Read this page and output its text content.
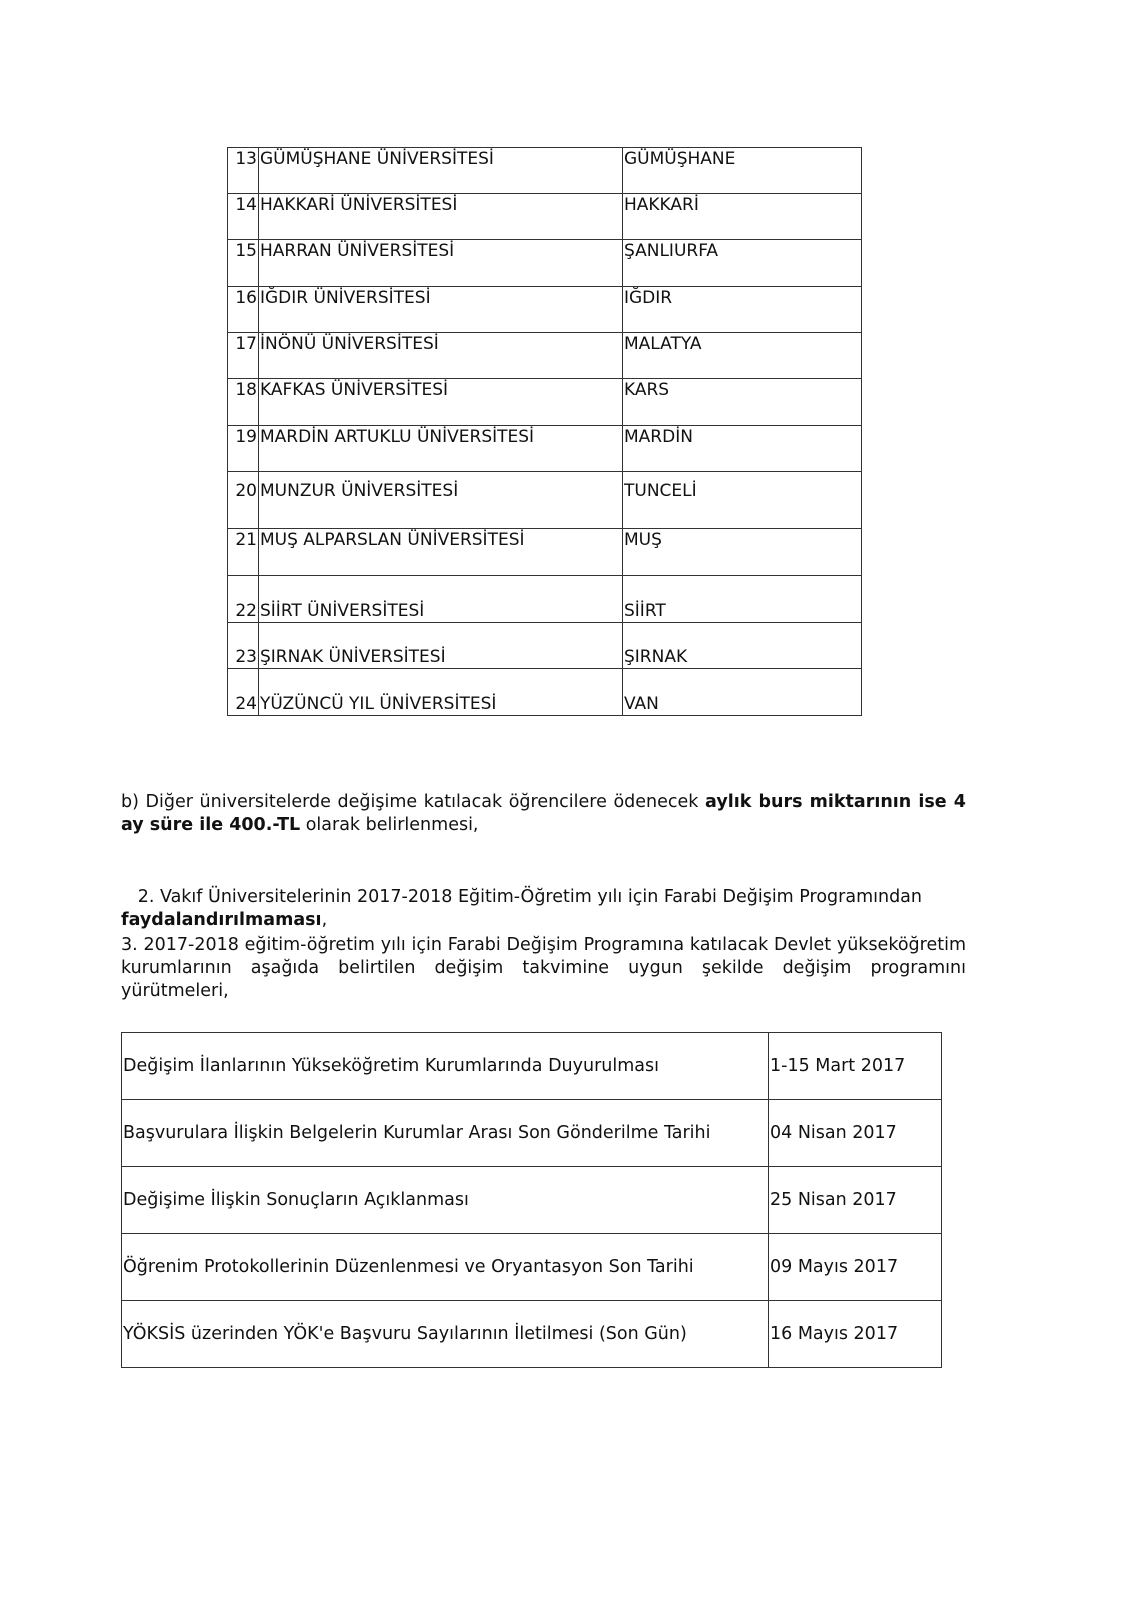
13	GÜMÜŞHANE ÜNİVERSİTESİ	GÜMÜŞHANE
14	HAKKARİ ÜNİVERSİTESİ	HAKKARİ
15	HARRAN ÜNİVERSİTESİ	ŞANLIURFA
16	IĞDIR ÜNİVERSİTESİ	IĞDIR
17	İNÖNÜ ÜNİVERSİTESİ	MALATYA
18	KAFKAS ÜNİVERSİTESİ	KARS
19	MARDİN ARTUKLU ÜNİVERSİTESİ	MARDİN
20	MUNZUR ÜNİVERSİTESİ	TUNCELİ
21	MUŞ ALPARSLAN ÜNİVERSİTESİ	MUŞ
22	SİİRT ÜNİVERSİTESİ	SİİRT
23	ŞIRNAK ÜNİVERSİTESİ	ŞIRNAK
24	YÜZÜNCÜ YIL ÜNİVERSİTESİ	VAN

b) Diğer üniversitelerde değişime katılacak öğrencilere ödenecek aylık burs miktarının ise 4 ay süre ile 400.-TL olarak belirlenmesi,

2. Vakıf Üniversitelerinin 2017-2018 Eğitim-Öğretim yılı için Farabi Değişim Programından faydalandırılmaması,

3. 2017-2018 eğitim-öğretim yılı için Farabi Değişim Programına katılacak Devlet yükseköğretim kurumlarının aşağıda belirtilen değişim takvimine uygun şekilde değişim programını yürütmeleri,

Değişim İlanlarının Yükseköğretim Kurumlarında Duyurulması	1-15 Mart 2017
Başvurulara İlişkin Belgelerin Kurumlar Arası Son Gönderilme Tarihi	04 Nisan 2017
Değişime İlişkin Sonuçların Açıklanması	25 Nisan 2017
Öğrenim Protokollerinin Düzenlenmesi ve Oryantasyon Son Tarihi	09 Mayıs 2017
YÖKSİS üzerinden YÖK'e Başvuru Sayılarının İletilmesi (Son Gün)	16 Mayıs 2017
